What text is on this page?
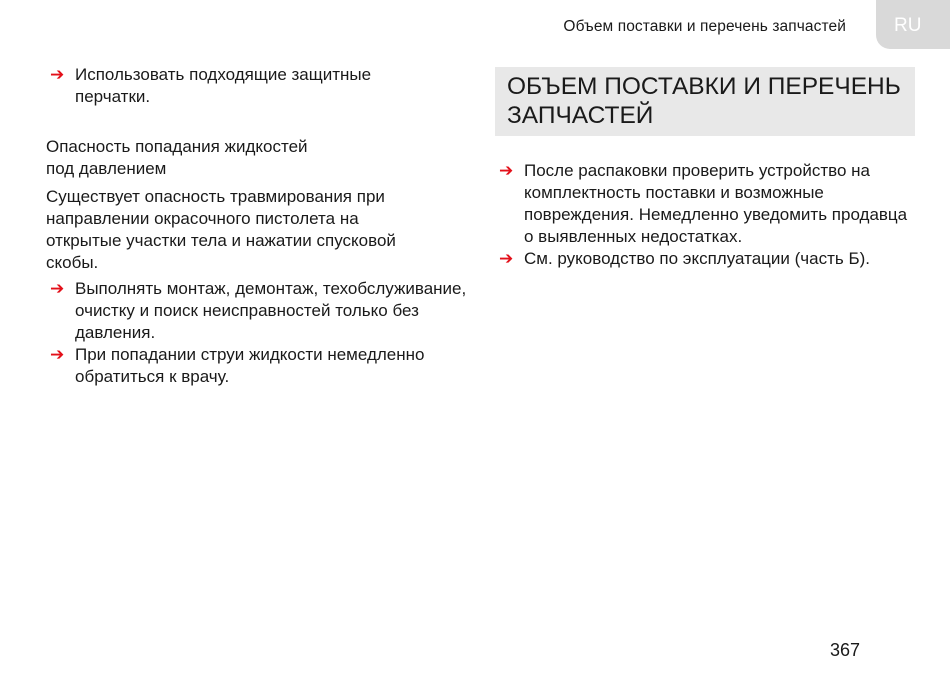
Объем поставки и перечень запчастей	RU
➔ Использовать подходящие защитные перчатки.
Опасность попадания жидкостей
под давлением
Существует опасность травмирования при направлении окрасочного пистолета на открытые участки тела и нажатии спусковой скобы.
➔ Выполнять монтаж, демонтаж, техобслуживание, очистку и поиск неисправностей только без давления.
➔ При попадании струи жидкости немедленно обратиться к врачу.
ОБЪЕМ ПОСТАВКИ И ПЕРЕЧЕНЬ ЗАПЧАСТЕЙ
➔ После распаковки проверить устройство на комплектность поставки и возможные повреждения. Немедленно уведомить продавца о выявленных недостатках.
➔ См. руководство по эксплуатации (часть Б).
367
